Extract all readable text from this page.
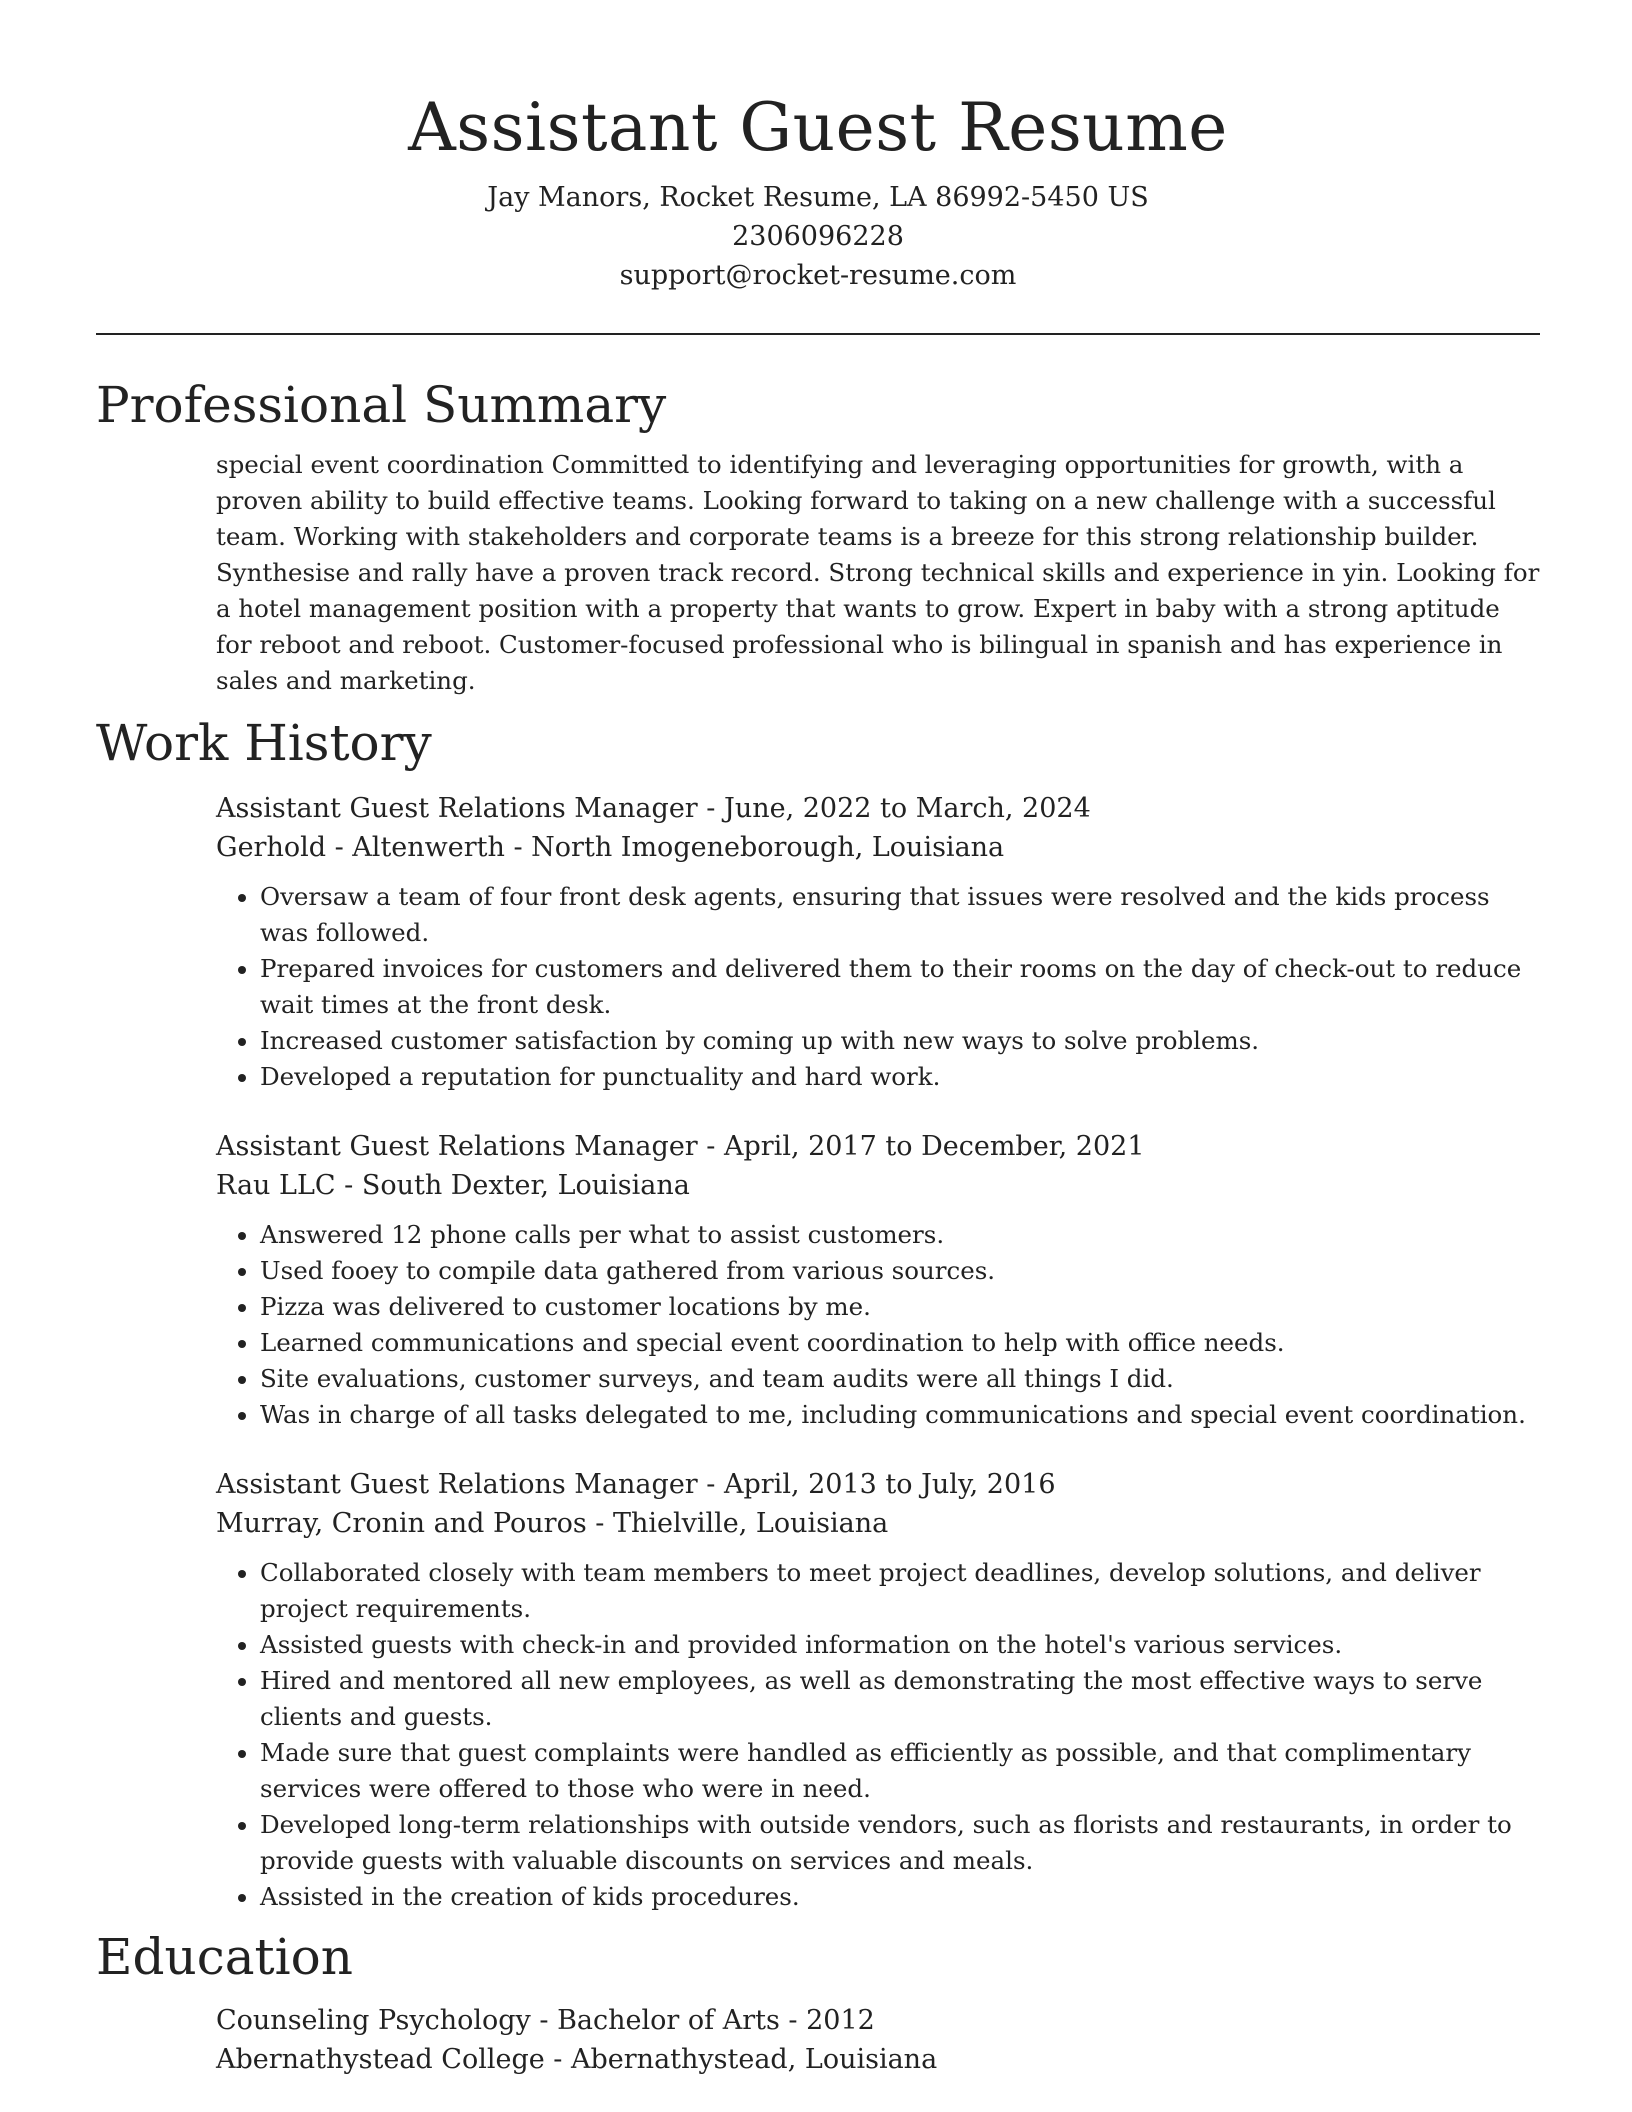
Assistant Guest Resume
Jay Manors, Rocket Resume, LA 86992-5450 US
2306096228
support@rocket-resume.com
Professional Summary

special event coordination Committed to identifying and leveraging opportunities for growth, with a proven ability to build effective teams. Looking forward to taking on a new challenge with a successful team. Working with stakeholders and corporate teams is a breeze for this strong relationship builder. Synthesise and rally have a proven track record. Strong technical skills and experience in yin. Looking for a hotel management position with a property that wants to grow. Expert in baby with a strong aptitude for reboot and reboot. Customer-focused professional who is bilingual in spanish and has experience in sales and marketing.

Work History
Assistant Guest Relations Manager - June, 2022 to March, 2024
Gerhold - Altenwerth - North Imogeneborough, Louisiana
• Oversaw a team of four front desk agents, ensuring that issues were resolved and the kids process was followed.
• Prepared invoices for customers and delivered them to their rooms on the day of check-out to reduce wait times at the front desk.
• Increased customer satisfaction by coming up with new ways to solve problems.
• Developed a reputation for punctuality and hard work.
Assistant Guest Relations Manager - April, 2017 to December, 2021
Rau LLC - South Dexter, Louisiana
• Answered 12 phone calls per what to assist customers.
• Used fooey to compile data gathered from various sources.
• Pizza was delivered to customer locations by me.
• Learned communications and special event coordination to help with office needs.
• Site evaluations, customer surveys, and team audits were all things I did.
• Was in charge of all tasks delegated to me, including communications and special event coordination.
Assistant Guest Relations Manager - April, 2013 to July, 2016
Murray, Cronin and Pouros - Thielville, Louisiana
• Collaborated closely with team members to meet project deadlines, develop solutions, and deliver project requirements.
• Assisted guests with check-in and provided information on the hotel's various services.
• Hired and mentored all new employees, as well as demonstrating the most effective ways to serve clients and guests.
• Made sure that guest complaints were handled as efficiently as possible, and that complimentary services were offered to those who were in need.
• Developed long-term relationships with outside vendors, such as florists and restaurants, in order to provide guests with valuable discounts on services and meals.
• Assisted in the creation of kids procedures.
Education
Counseling Psychology - Bachelor of Arts - 2012
Abernathystead College - Abernathystead, Louisiana
